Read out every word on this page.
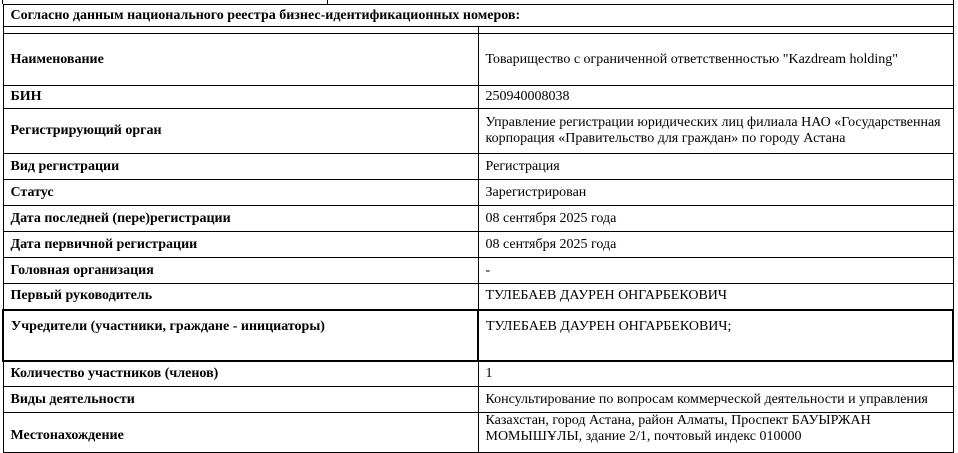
Согласно данным национального реестра бизнес-идентификационных номеров:	

Наименование	Товарищество с ограниченной ответственностью "Kazdream holding"
БИН	250940008038
Регистрирующий орган	Управление регистрации юридических лиц филиала НАО «Государственная корпорация «Правительство для граждан» по городу Астана
Вид регистрации	Регистрация
Статус	Зарегистрирован
Дата последней (пере)регистрации	08 сентября 2025 года
Дата первичной регистрации	08 сентября 2025 года
Головная организация	-
Первый руководитель	ТУЛЕБАЕВ ДАУРЕН ОНГАРБЕКОВИЧ
Учредители (участники, граждане - инициаторы)	ТУЛЕБАЕВ ДАУРЕН ОНГАРБЕКОВИЧ;
Количество участников (членов)	1
Виды деятельности	Консультирование по вопросам коммерческой деятельности и управления
Местонахождение	Казахстан, город Астана, район Алматы, Проспект БАУЫРЖАН МОМЫШҰЛЫ, здание 2/1, почтовый индекс 010000
